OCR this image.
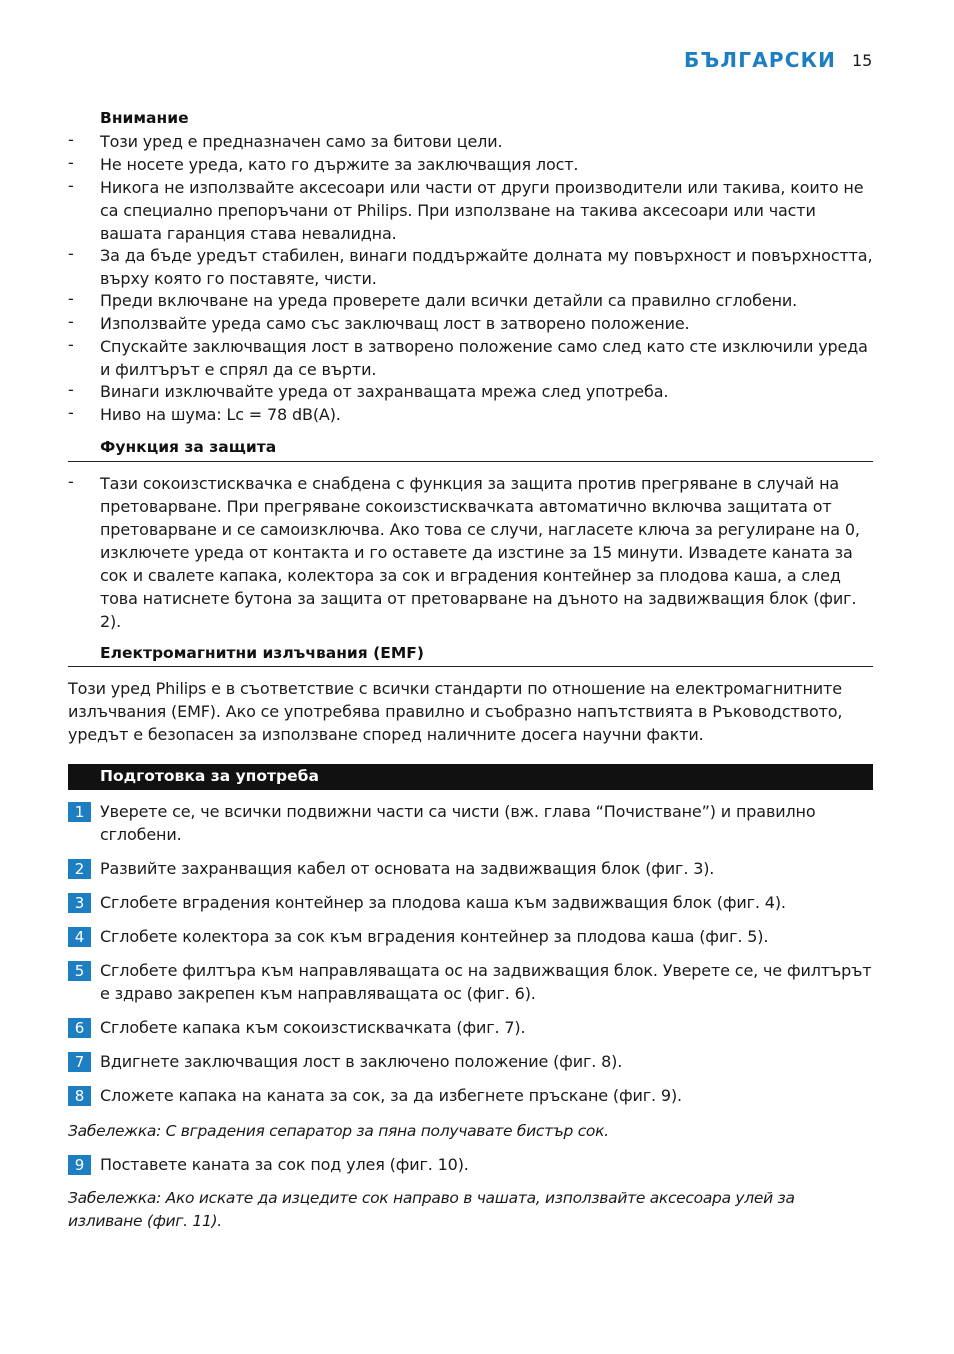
БЪЛГАРСКИ 15
Внимание
- Този уред е предназначен само за битови цели.
- Не носете уреда, като го държите за заключващия лост.
- Никога не използвайте аксесоари или части от други производители или такива, които не са специално препоръчани от Philips. При използване на такива аксесоари или части вашата гаранция става невалидна.
- За да бъде уредът стабилен, винаги поддържайте долната му повърхност и повърхността, върху която го поставяте, чисти.
- Преди включване на уреда проверете дали всички детайли са правилно сглобени.
- Използвайте уреда само със заключващ лост в затворено положение.
- Спускайте заключващия лост в затворено положение само след като сте изключили уреда и филтърът е спрял да се върти.
- Винаги изключвайте уреда от захранващата мрежа след употреба.
- Ниво на шума: Lc = 78 dB(A).
Функция за защита
- Тази сокоизстисквачка е снабдена с функция за защита против прегряване в случай на претоварване. При прегряване сокоизстисквачката автоматично включва защитата от претоварване и се самоизключва. Ако това се случи, нагласете ключа за регулиране на 0, изключете уреда от контакта и го оставете да изстине за 15 минути. Извадете каната за сок и свалете капака, колектора за сок и вградения контейнер за плодова каша, а след това натиснете бутона за защита от претоварване на дъното на задвижващия блок (фиг. 2).
Електромагнитни излъчвания (EMF)
Този уред Philips е в съответствие с всички стандарти по отношение на електромагнитните излъчвания (EMF). Ако се употребява правилно и съобразно напътствията в Ръководството, уредът е безопасен за използване според наличните досега научни факти.
Подготовка за употреба
1 Уверете се, че всички подвижни части са чисти (вж. глава “Почистване”) и правилно сглобени.
2 Развийте захранващия кабел от основата на задвижващия блок (фиг. 3).
3 Сглобете вградения контейнер за плодова каша към задвижващия блок (фиг. 4).
4 Сглобете колектора за сок към вградения контейнер за плодова каша (фиг. 5).
5 Сглобете филтъра към направляващата ос на задвижващия блок. Уверете се, че филтърът е здраво закрепен към направляващата ос (фиг. 6).
6 Сглобете капака към сокоизстисквачката (фиг. 7).
7 Вдигнете заключващия лост в заключено положение (фиг. 8).
8 Сложете капака на каната за сок, за да избегнете пръскане (фиг. 9).
Забележка: С вградения сепаратор за пяна получавате бистър сок.
9 Поставете каната за сок под улея (фиг. 10).
Забележка: Ако искате да изцедите сок направо в чашата, използвайте аксесоара улей за изливане (фиг. 11).
